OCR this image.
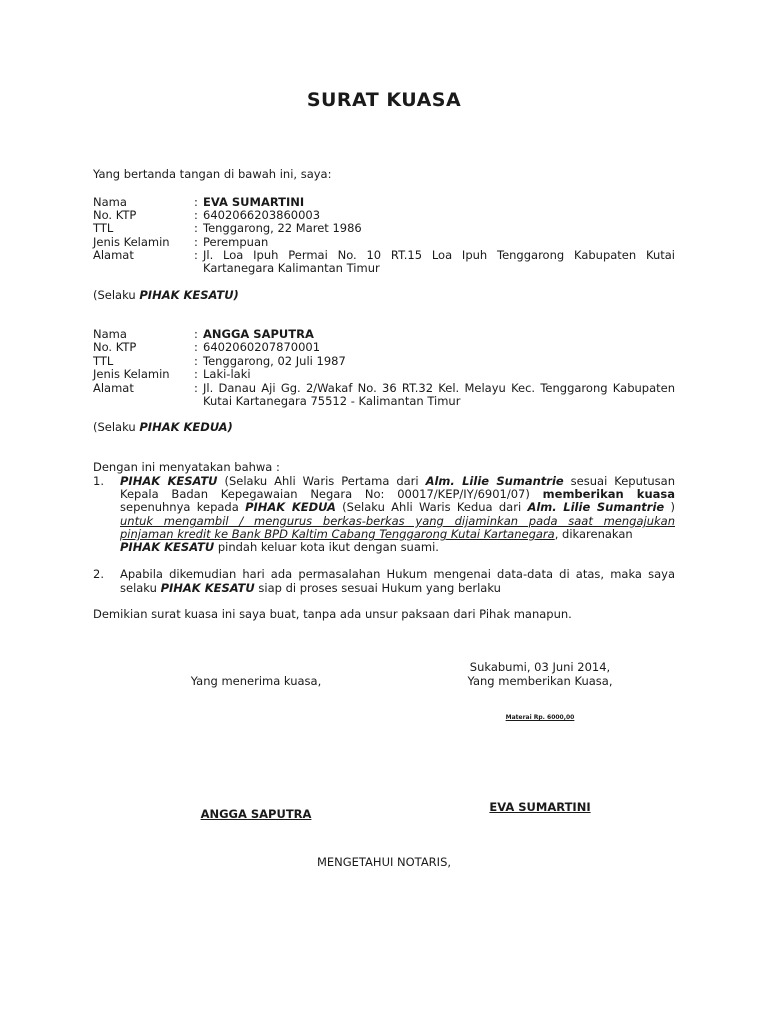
SURAT KUASA
Yang bertanda tangan di bawah ini, saya:
Nama	: EVA SUMARTINI
No. KTP	: 6402066203860003
TTL	: Tenggarong, 22 Maret 1986
Jenis Kelamin : Perempuan
Alamat	: Jl. Loa Ipuh Permai No. 10 RT.15 Loa Ipuh Tenggarong Kabupaten Kutai
Kartanegara Kalimantan Timur
(Selaku PIHAK KESATU)
Nama	: ANGGA SAPUTRA
No. KTP	: 6402060207870001
TTL	: Tenggarong, 02 Juli 1987
Jenis Kelamin : Laki-laki
Alamat	: Jl. Danau Aji Gg. 2/Wakaf No. 36 RT.32 Kel. Melayu Kec. Tenggarong Kabupaten
Kutai Kartanegara 75512 - Kalimantan Timur
(Selaku PIHAK KEDUA)
Dengan ini menyatakan bahwa :
1. PIHAK KESATU (Selaku Ahli Waris Pertama dari Alm. Lilie Sumantrie sesuai Keputusan
Kepala Badan Kepegawaian Negara No: 00017/KEP/IY/6901/07) memberikan kuasa
sepenuhnya kepada PIHAK KEDUA (Selaku Ahli Waris Kedua dari Alm. Lilie Sumantrie )
untuk mengambil / mengurus berkas-berkas yang dijaminkan pada saat mengajukan
pinjaman kredit ke Bank BPD Kaltim Cabang Tenggarong Kutai Kartanegara, dikarenakan
PIHAK KESATU pindah keluar kota ikut dengan suami.
2. Apabila dikemudian hari ada permasalahan Hukum mengenai data-data di atas, maka saya
selaku PIHAK KESATU siap di proses sesuai Hukum yang berlaku
Demikian surat kuasa ini saya buat, tanpa ada unsur paksaan dari Pihak manapun.
Sukabumi, 03 Juni 2014,
Yang menerima kuasa,	Yang memberikan Kuasa,
Materai Rp. 6000,00
ANGGA SAPUTRA	EVA SUMARTINI
MENGETAHUI NOTARIS,
